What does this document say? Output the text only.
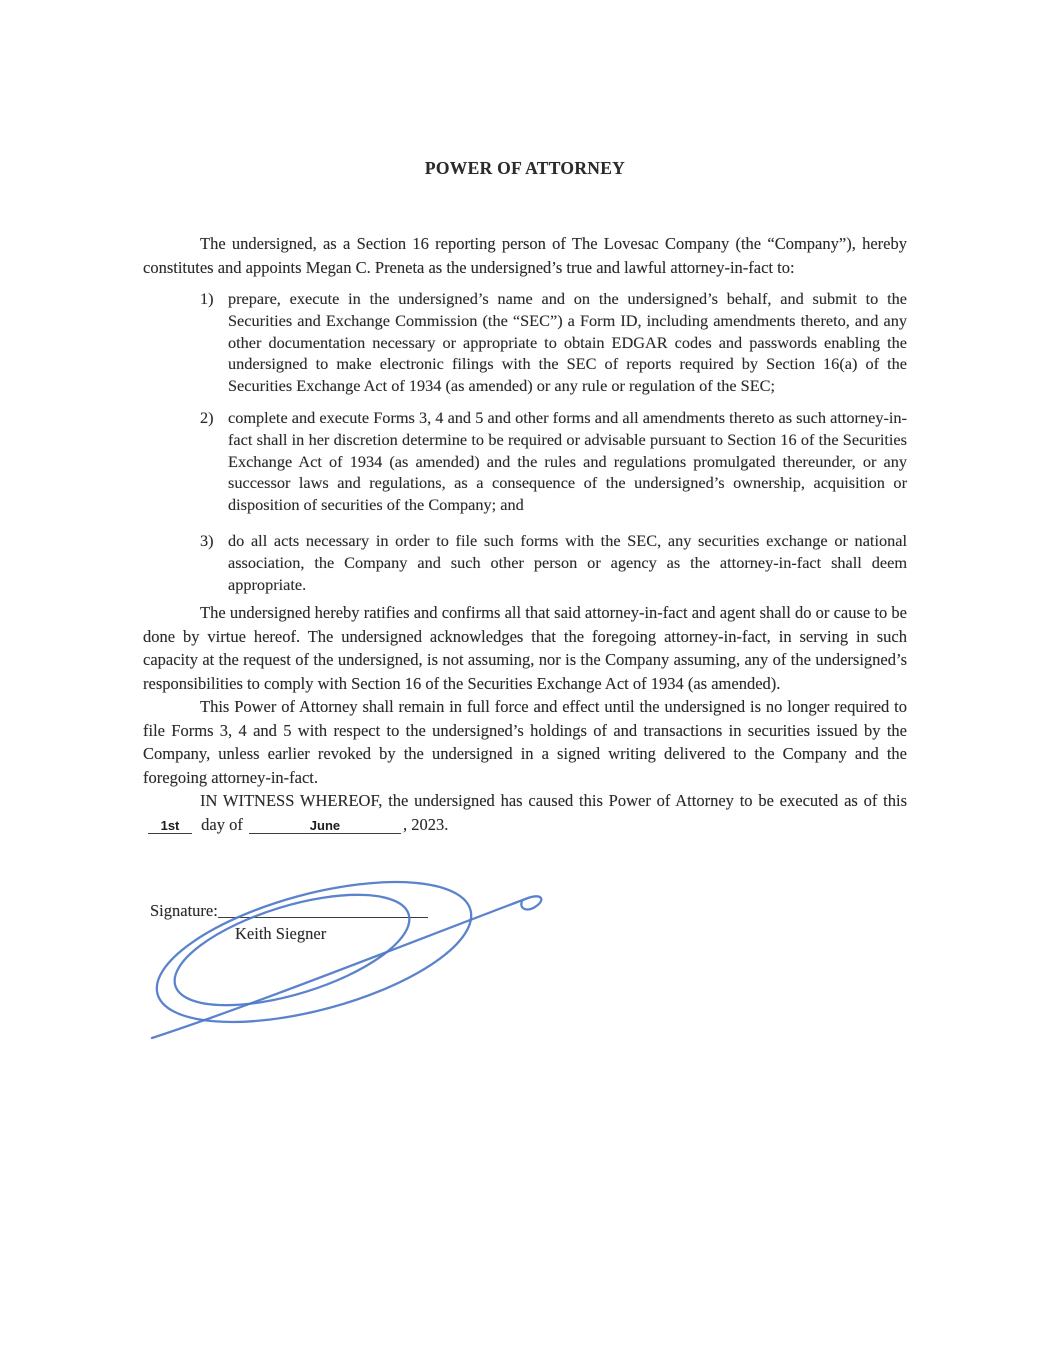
POWER OF ATTORNEY

The undersigned, as a Section 16 reporting person of The Lovesac Company (the “Company”), hereby constitutes and appoints Megan C. Preneta as the undersigned’s true and lawful attorney-in-fact to:

1) prepare, execute in the undersigned’s name and on the undersigned’s behalf, and submit to the Securities and Exchange Commission (the “SEC”) a Form ID, including amendments thereto, and any other documentation necessary or appropriate to obtain EDGAR codes and passwords enabling the undersigned to make electronic filings with the SEC of reports required by Section 16(a) of the Securities Exchange Act of 1934 (as amended) or any rule or regulation of the SEC;

2) complete and execute Forms 3, 4 and 5 and other forms and all amendments thereto as such attorney-in-fact shall in her discretion determine to be required or advisable pursuant to Section 16 of the Securities Exchange Act of 1934 (as amended) and the rules and regulations promulgated thereunder, or any successor laws and regulations, as a consequence of the undersigned’s ownership, acquisition or disposition of securities of the Company; and

3) do all acts necessary in order to file such forms with the SEC, any securities exchange or national association, the Company and such other person or agency as the attorney-in-fact shall deem appropriate.

The undersigned hereby ratifies and confirms all that said attorney-in-fact and agent shall do or cause to be done by virtue hereof. The undersigned acknowledges that the foregoing attorney-in-fact, in serving in such capacity at the request of the undersigned, is not assuming, nor is the Company assuming, any of the undersigned’s responsibilities to comply with Section 16 of the Securities Exchange Act of 1934 (as amended).

This Power of Attorney shall remain in full force and effect until the undersigned is no longer required to file Forms 3, 4 and 5 with respect to the undersigned’s holdings of and transactions in securities issued by the Company, unless earlier revoked by the undersigned in a signed writing delivered to the Company and the foregoing attorney-in-fact.

IN WITNESS WHEREOF, the undersigned has caused this Power of Attorney to be executed as of this 1st day of	June	, 2023.

Signature:
Keith Siegner
